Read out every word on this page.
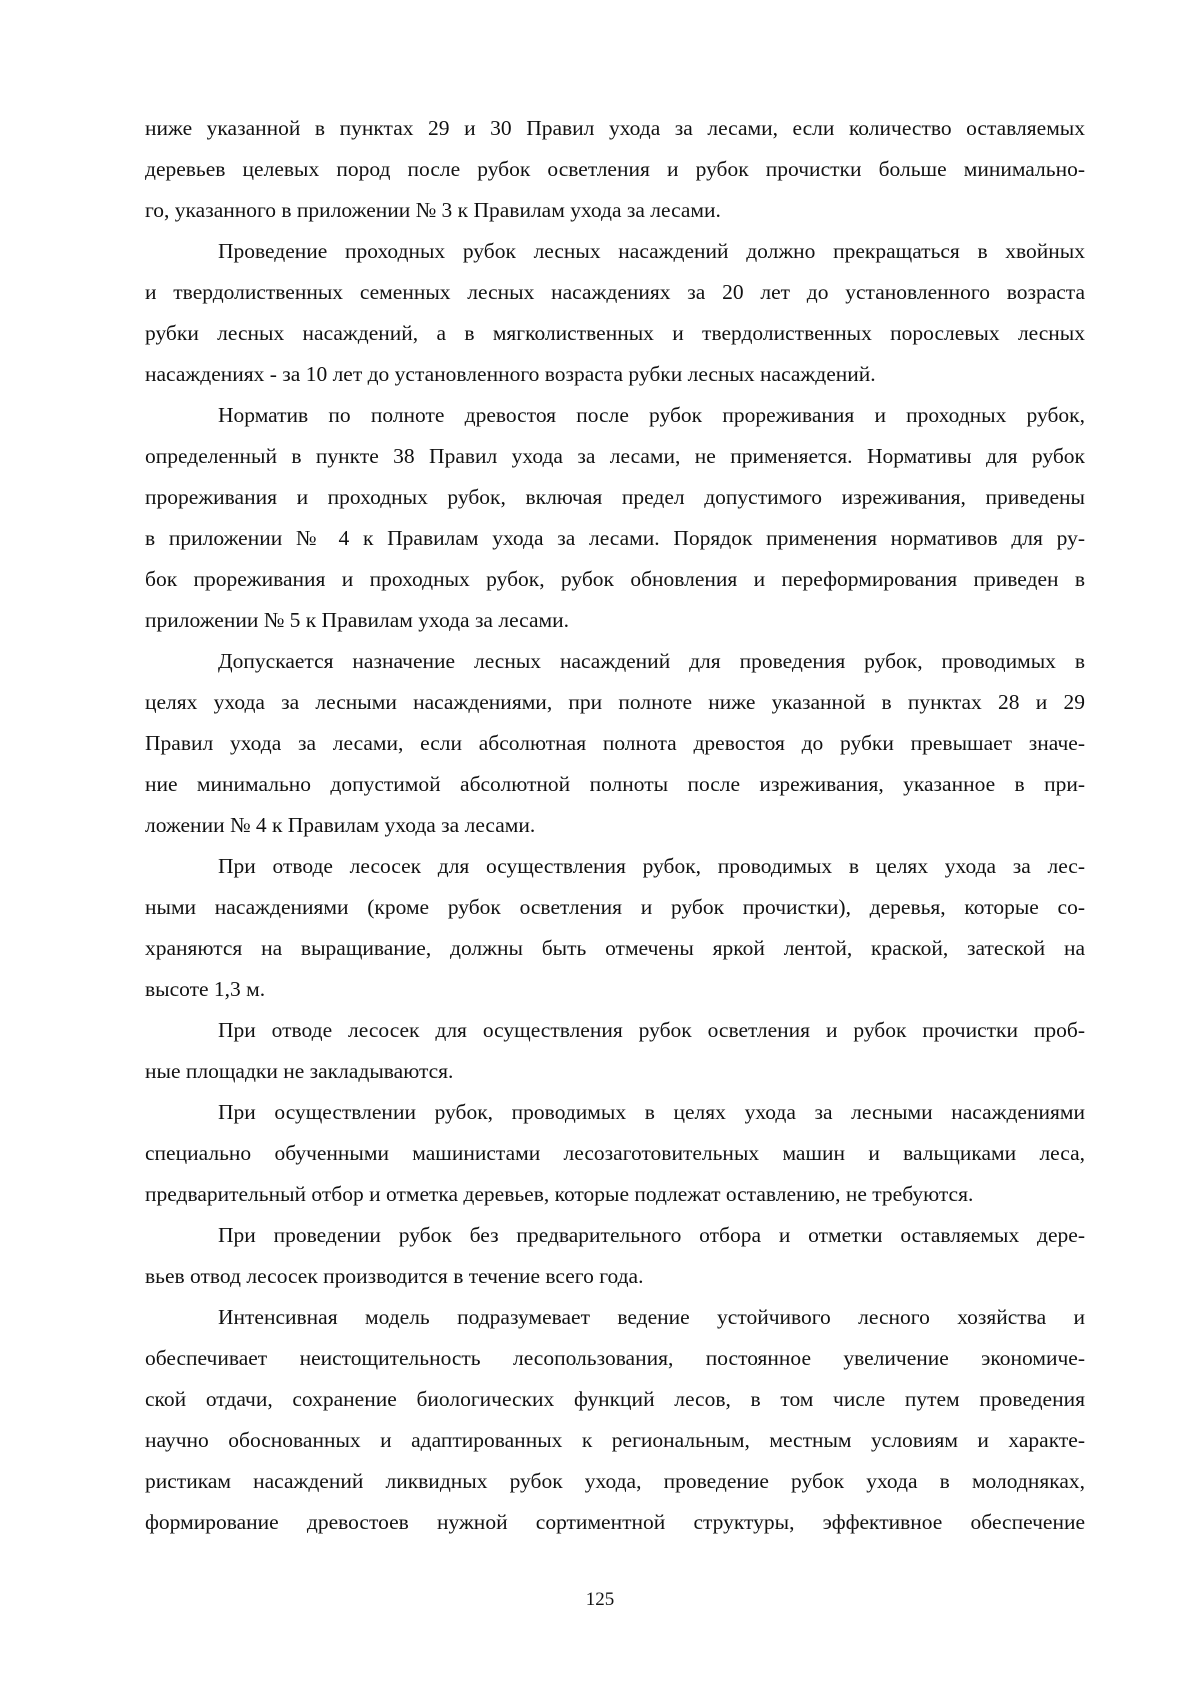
ниже указанной в пунктах 29 и 30 Правил ухода за лесами, если количество оставляемых
деревьев целевых пород после рубок осветления и рубок прочистки больше минимально-
го, указанного в приложении № 3 к Правилам ухода за лесами.
Проведение проходных рубок лесных насаждений должно прекращаться в хвойных
и твердолиственных семенных лесных насаждениях за 20 лет до установленного возраста
рубки лесных насаждений, а в мягколиственных и твердолиственных порослевых лесных
насаждениях - за 10 лет до установленного возраста рубки лесных насаждений.
Норматив по полноте древостоя после рубок прореживания и проходных рубок,
определенный в пункте 38 Правил ухода за лесами, не применяется. Нормативы для рубок
прореживания и проходных рубок, включая предел допустимого изреживания, приведены
в приложении № 4 к Правилам ухода за лесами. Порядок применения нормативов для ру-
бок прореживания и проходных рубок, рубок обновления и переформирования приведен в
приложении № 5 к Правилам ухода за лесами.
Допускается назначение лесных насаждений для проведения рубок, проводимых в
целях ухода за лесными насаждениями, при полноте ниже указанной в пунктах 28 и 29
Правил ухода за лесами, если абсолютная полнота древостоя до рубки превышает значе-
ние минимально допустимой абсолютной полноты после изреживания, указанное в при-
ложении № 4 к Правилам ухода за лесами.
При отводе лесосек для осуществления рубок, проводимых в целях ухода за лес-
ными насаждениями (кроме рубок осветления и рубок прочистки), деревья, которые со-
храняются на выращивание, должны быть отмечены яркой лентой, краской, затеской на
высоте 1,3 м.
При отводе лесосек для осуществления рубок осветления и рубок прочистки проб-
ные площадки не закладываются.
При осуществлении рубок, проводимых в целях ухода за лесными насаждениями
специально обученными машинистами лесозаготовительных машин и вальщиками леса,
предварительный отбор и отметка деревьев, которые подлежат оставлению, не требуются.
При проведении рубок без предварительного отбора и отметки оставляемых дере-
вьев отвод лесосек производится в течение всего года.
Интенсивная модель подразумевает ведение устойчивого лесного хозяйства и
обеспечивает неистощительность лесопользования, постоянное увеличение экономиче-
ской отдачи, сохранение биологических функций лесов, в том числе путем проведения
научно обоснованных и адаптированных к региональным, местным условиям и характе-
ристикам насаждений ликвидных рубок ухода, проведение рубок ухода в молодняках,
формирование древостоев нужной сортиментной структуры, эффективное обеспечение
125
